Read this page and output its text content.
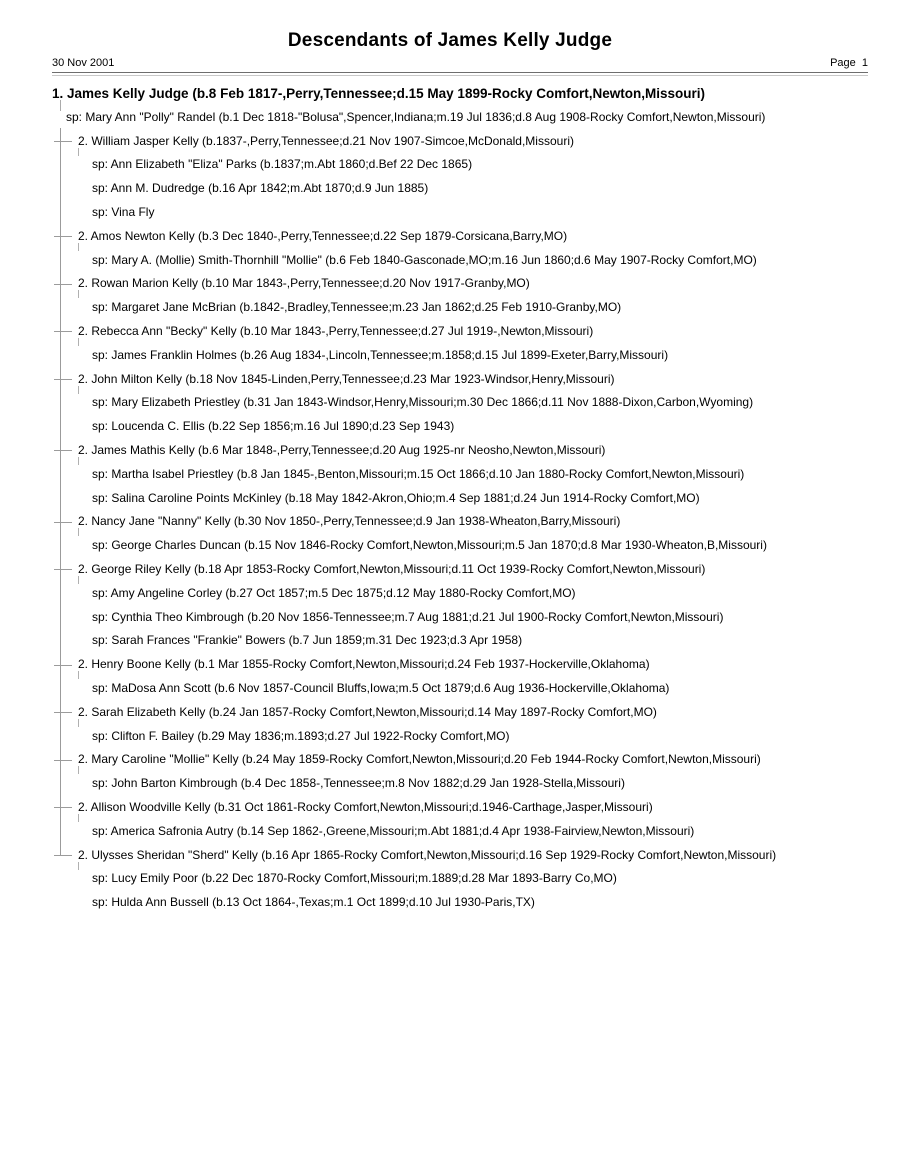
Descendants of James Kelly Judge
30 Nov 2001	Page  1
1. James Kelly Judge (b.8 Feb 1817-,Perry,Tennessee;d.15 May 1899-Rocky Comfort,Newton,Missouri)
sp: Mary Ann "Polly" Randel (b.1 Dec 1818-"Bolusa",Spencer,Indiana;m.19 Jul 1836;d.8 Aug 1908-Rocky Comfort,Newton,Missouri)
2. William Jasper Kelly (b.1837-,Perry,Tennessee;d.21 Nov 1907-Simcoe,McDonald,Missouri)
sp: Ann Elizabeth "Eliza" Parks (b.1837;m.Abt 1860;d.Bef 22 Dec 1865)
sp: Ann M. Dudredge (b.16 Apr 1842;m.Abt 1870;d.9 Jun 1885)
sp: Vina Fly
2. Amos Newton Kelly (b.3 Dec 1840-,Perry,Tennessee;d.22 Sep 1879-Corsicana,Barry,MO)
sp: Mary A. (Mollie) Smith-Thornhill "Mollie" (b.6 Feb 1840-Gasconade,MO;m.16 Jun 1860;d.6 May 1907-Rocky Comfort,MO)
2. Rowan Marion Kelly (b.10 Mar 1843-,Perry,Tennessee;d.20 Nov 1917-Granby,MO)
sp: Margaret Jane McBrian (b.1842-,Bradley,Tennessee;m.23 Jan 1862;d.25 Feb 1910-Granby,MO)
2. Rebecca Ann "Becky" Kelly (b.10 Mar 1843-,Perry,Tennessee;d.27 Jul 1919-,Newton,Missouri)
sp: James Franklin Holmes (b.26 Aug 1834-,Lincoln,Tennessee;m.1858;d.15 Jul 1899-Exeter,Barry,Missouri)
2. John Milton Kelly (b.18 Nov 1845-Linden,Perry,Tennessee;d.23 Mar 1923-Windsor,Henry,Missouri)
sp: Mary Elizabeth Priestley (b.31 Jan 1843-Windsor,Henry,Missouri;m.30 Dec 1866;d.11 Nov 1888-Dixon,Carbon,Wyoming)
sp: Loucenda C. Ellis (b.22 Sep 1856;m.16 Jul 1890;d.23 Sep 1943)
2. James Mathis Kelly (b.6 Mar 1848-,Perry,Tennessee;d.20 Aug 1925-nr Neosho,Newton,Missouri)
sp: Martha Isabel Priestley (b.8 Jan 1845-,Benton,Missouri;m.15 Oct 1866;d.10 Jan 1880-Rocky Comfort,Newton,Missouri)
sp: Salina Caroline Points McKinley (b.18 May 1842-Akron,Ohio;m.4 Sep 1881;d.24 Jun 1914-Rocky Comfort,MO)
2. Nancy Jane "Nanny" Kelly (b.30 Nov 1850-,Perry,Tennessee;d.9 Jan 1938-Wheaton,Barry,Missouri)
sp: George Charles Duncan (b.15 Nov 1846-Rocky Comfort,Newton,Missouri;m.5 Jan 1870;d.8 Mar 1930-Wheaton,B,Missouri)
2. George Riley Kelly (b.18 Apr 1853-Rocky Comfort,Newton,Missouri;d.11 Oct 1939-Rocky Comfort,Newton,Missouri)
sp: Amy Angeline Corley (b.27 Oct 1857;m.5 Dec 1875;d.12 May 1880-Rocky Comfort,MO)
sp: Cynthia Theo Kimbrough (b.20 Nov 1856-Tennessee;m.7 Aug 1881;d.21 Jul 1900-Rocky Comfort,Newton,Missouri)
sp: Sarah Frances "Frankie" Bowers (b.7 Jun 1859;m.31 Dec 1923;d.3 Apr 1958)
2. Henry Boone Kelly (b.1 Mar 1855-Rocky Comfort,Newton,Missouri;d.24 Feb 1937-Hockerville,Oklahoma)
sp: MaDosa Ann Scott (b.6 Nov 1857-Council Bluffs,Iowa;m.5 Oct 1879;d.6 Aug 1936-Hockerville,Oklahoma)
2. Sarah Elizabeth Kelly (b.24 Jan 1857-Rocky Comfort,Newton,Missouri;d.14 May 1897-Rocky Comfort,MO)
sp: Clifton F. Bailey (b.29 May 1836;m.1893;d.27 Jul 1922-Rocky Comfort,MO)
2. Mary Caroline "Mollie" Kelly (b.24 May 1859-Rocky Comfort,Newton,Missouri;d.20 Feb 1944-Rocky Comfort,Newton,Missouri)
sp: John Barton Kimbrough (b.4 Dec 1858-,Tennessee;m.8 Nov 1882;d.29 Jan 1928-Stella,Missouri)
2. Allison Woodville Kelly (b.31 Oct 1861-Rocky Comfort,Newton,Missouri;d.1946-Carthage,Jasper,Missouri)
sp: America Safronia Autry (b.14 Sep 1862-,Greene,Missouri;m.Abt 1881;d.4 Apr 1938-Fairview,Newton,Missouri)
2. Ulysses Sheridan "Sherd" Kelly (b.16 Apr 1865-Rocky Comfort,Newton,Missouri;d.16 Sep 1929-Rocky Comfort,Newton,Missouri)
sp: Lucy Emily Poor (b.22 Dec 1870-Rocky Comfort,Missouri;m.1889;d.28 Mar 1893-Barry Co,MO)
sp: Hulda Ann Bussell (b.13 Oct 1864-,Texas;m.1 Oct 1899;d.10 Jul 1930-Paris,TX)
